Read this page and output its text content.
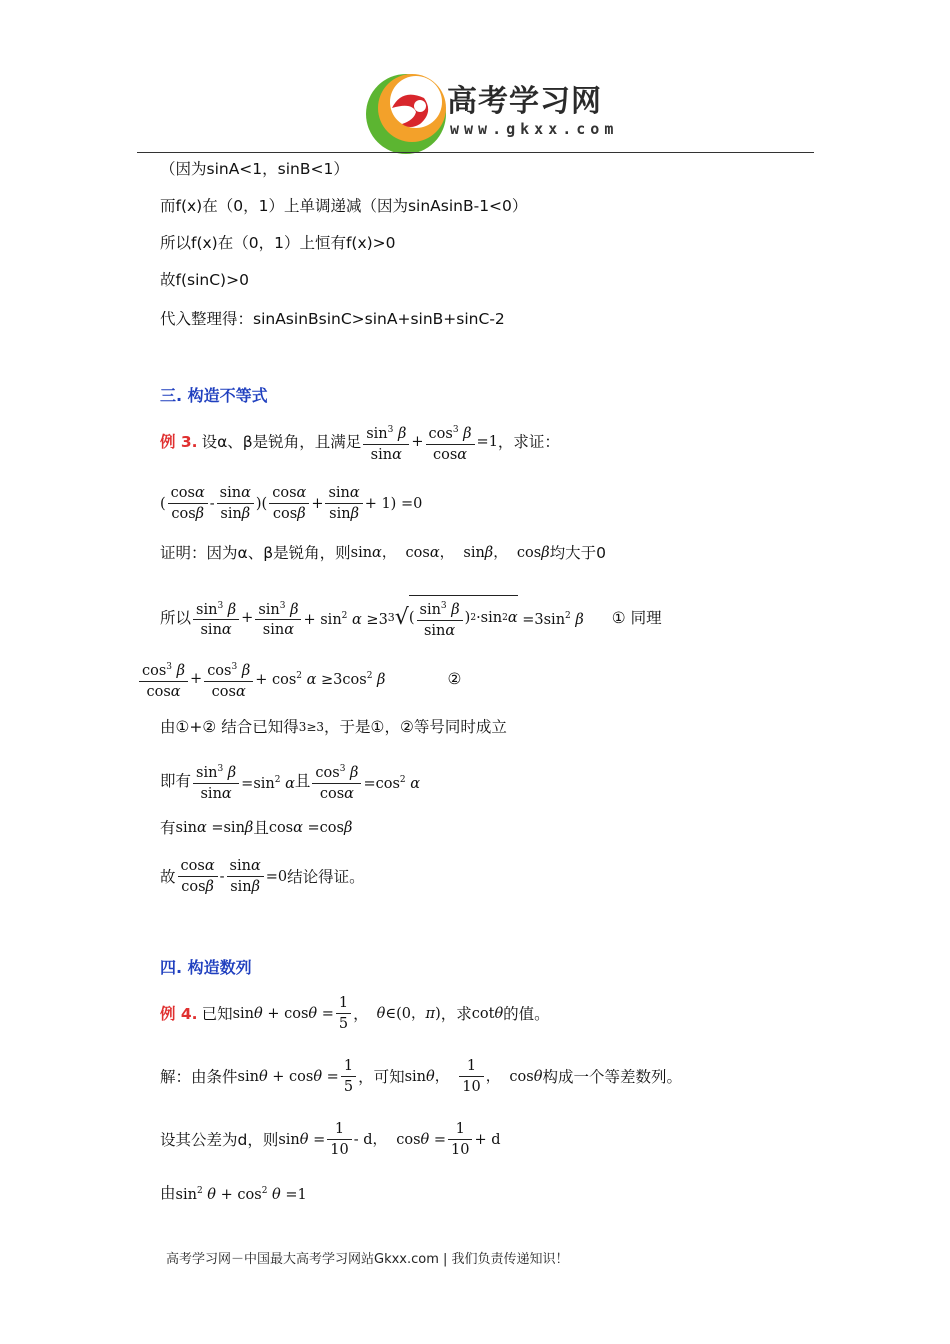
高考学习网
www.gkxx.com
（因为sinA<1，sinB<1）
而f(x)在（0，1）上单调递减（因为sinAsinB-1<0）
所以f(x)在（0，1）上恒有f(x)>0
故f(sinC)>0
代入整理得：sinAsinBsinC>sinA+sinB+sinC-2
三. 构造不等式
例 3. 设α、β是锐角，且满足 $\frac{\sin^3 \beta}{\sin\alpha} + \frac{\cos^3 \beta}{\cos\alpha} =1$ ，求证：
( $\frac{\cos\alpha}{\cos\beta} - \frac{\sin\alpha}{\sin\beta}$ )( $\frac{\cos\alpha}{\cos\beta} + \frac{\sin\alpha}{\sin\beta} + 1) =0$
证明：因为α、β是锐角，则 sinα，  cosα，  sinβ，  cosβ 均大于0
所以 $\frac{\sin^3 \beta}{\sin\alpha} + \frac{\sin^3 \beta}{\sin\alpha} + \sin^2 \alpha \ge 3$ 3 √ ( $\frac{\sin^3 \beta}{\sin\alpha}$ ) 2 ·sin 2 $\alpha =3\sin^2$ β ① 同理
$\frac{\cos^3 \beta}{\cos\alpha} + \frac{\cos^3 \beta}{\cos\alpha} + \cos^2 \alpha \ge 3\cos^2$ β	②
由①+② 结合已知得 3≥3 ，于是①，②等号同时成立
即有 $\frac{\sin^3 \beta}{\sin\alpha} =\sin^2$ α 且 $\frac{\cos^3 \beta}{\cos\alpha} =\cos^2$ α
有 sinα =sinβ 且 cosα =cosβ
故 $\frac{\cos\alpha}{\cos\beta} - \frac{\sin\alpha}{\sin\beta} =0$ 结论得证。
四. 构造数列
例 4. 已知 $\sin\theta + \cos\theta = \frac{1}{5}$ ， θ∈(0，π) ，求 cotθ 的值。
解：由条件 $\sin\theta + \cos\theta = \frac{1}{5}$ ，可知 sinθ， $\frac{1}{10}$ ，  cosθ 构成一个等差数列。
设其公差为d，则 $\sin\theta = \frac{1}{10} - d$，  $\cos\theta = \frac{1}{10} + d$
由 $\sin^2 \theta + \cos^2 \theta =1$
高考学习网－中国最大高考学习网站Gkxx.com | 我们负责传递知识！
